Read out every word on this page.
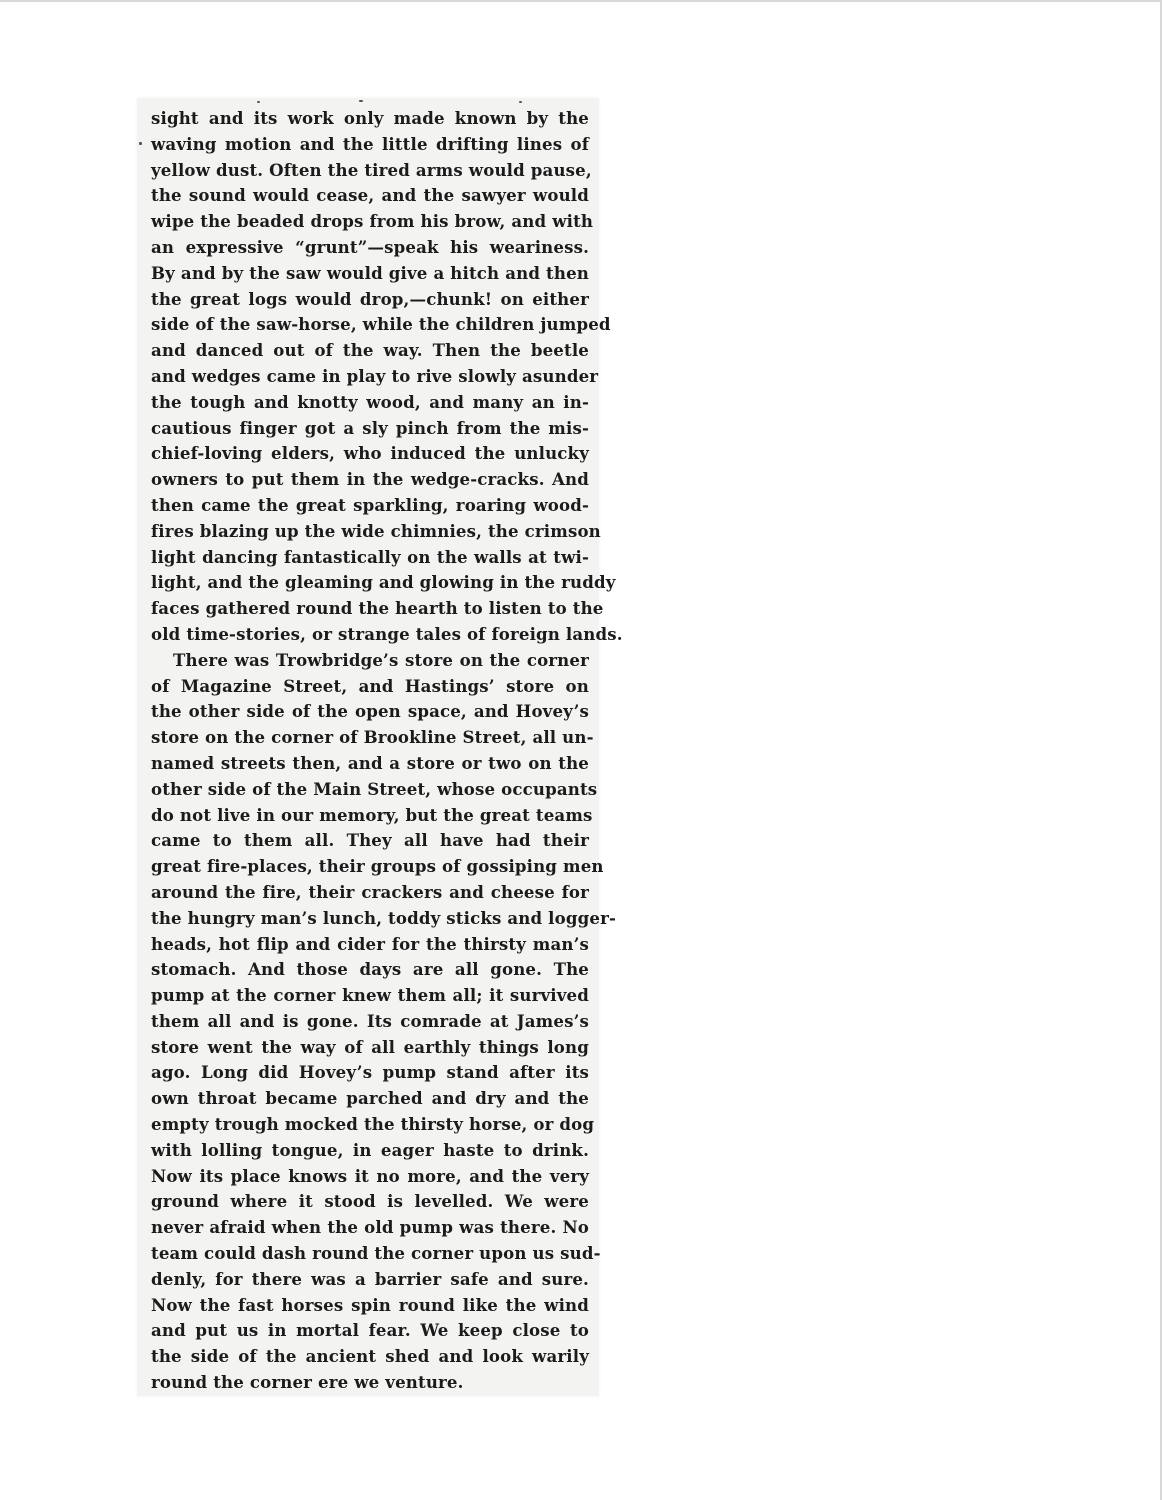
sight and its work only made known by the
waving motion and the little drifting lines of
yellow dust. Often the tired arms would pause,
the sound would cease, and the sawyer would
wipe the beaded drops from his brow, and with
an expressive “grunt”—speak his weariness.
By and by the saw would give a hitch and then
the great logs would drop,—chunk! on either
side of the saw-horse, while the children jumped
and danced out of the way. Then the beetle
and wedges came in play to rive slowly asunder
the tough and knotty wood, and many an in-
cautious finger got a sly pinch from the mis-
chief-loving elders, who induced the unlucky
owners to put them in the wedge-cracks. And
then came the great sparkling, roaring wood-
fires blazing up the wide chimnies, the crimson
light dancing fantastically on the walls at twi-
light, and the gleaming and glowing in the ruddy
faces gathered round the hearth to listen to the
old time-stories, or strange tales of foreign lands.
There was Trowbridge’s store on the corner
of Magazine Street, and Hastings’ store on
the other side of the open space, and Hovey’s
store on the corner of Brookline Street, all un-
named streets then, and a store or two on the
other side of the Main Street, whose occupants
do not live in our memory, but the great teams
came to them all. They all have had their
great fire-places, their groups of gossiping men
around the fire, their crackers and cheese for
the hungry man’s lunch, toddy sticks and logger-
heads, hot flip and cider for the thirsty man’s
stomach. And those days are all gone. The
pump at the corner knew them all; it survived
them all and is gone. Its comrade at James’s
store went the way of all earthly things long
ago. Long did Hovey’s pump stand after its
own throat became parched and dry and the
empty trough mocked the thirsty horse, or dog
with lolling tongue, in eager haste to drink.
Now its place knows it no more, and the very
ground where it stood is levelled. We were
never afraid when the old pump was there. No
team could dash round the corner upon us sud-
denly, for there was a barrier safe and sure.
Now the fast horses spin round like the wind
and put us in mortal fear. We keep close to
the side of the ancient shed and look warily
round the corner ere we venture.
